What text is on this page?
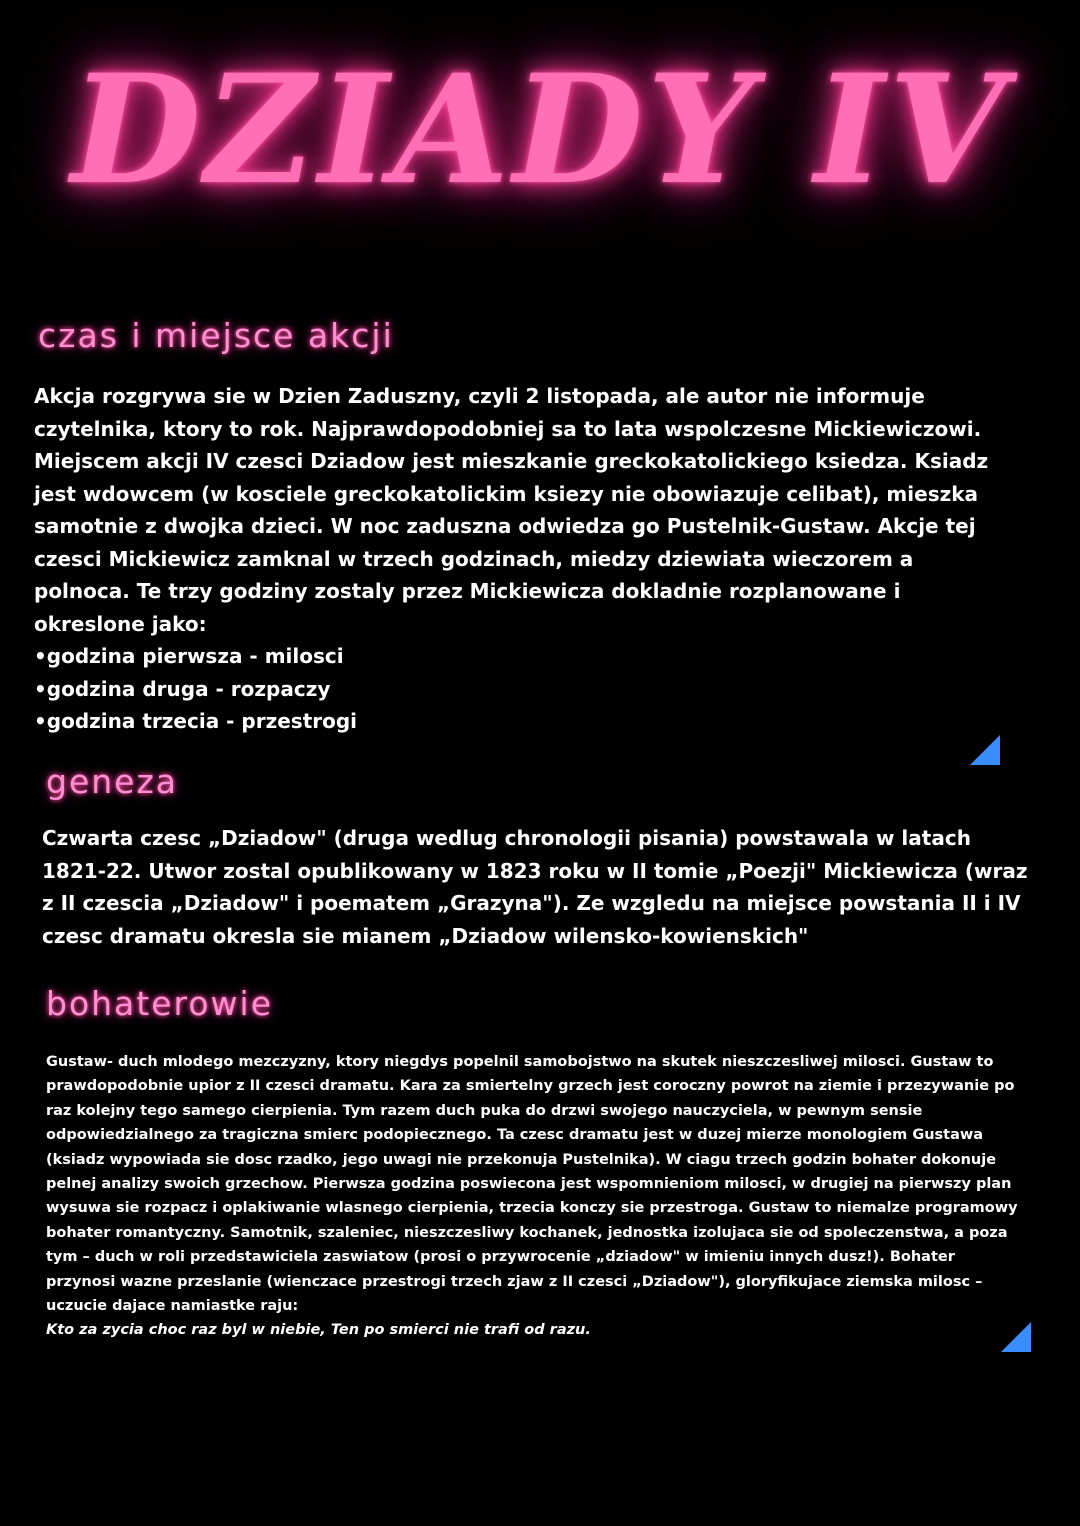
DZIADY IV
czas i miejsce akcji

Akcja rozgrywa sie w Dzien Zaduszny, czyli 2 listopada, ale autor nie informuje czytelnika, ktory to rok. Najprawdopodobniej sa to lata wspolczesne Mickiewiczowi. Miejscem akcji IV czesci Dziadow jest mieszkanie greckokatolickiego ksiedza. Ksiadz jest wdowcem (w kosciele greckokatolickim ksiezy nie obowiazuje celibat), mieszka samotnie z dwojka dzieci. W noc zaduszna odwiedza go Pustelnik-Gustaw. Akcje tej czesci Mickiewicz zamknal w trzech godzinach, miedzy dziewiata wieczorem a polnoca. Te trzy godziny zostaly przez Mickiewicza dokladnie rozplanowane i okreslone jako:

•godzina pierwsza - milosci
•godzina druga - rozpaczy
•godzina trzecia - przestrogi
geneza

Czwarta czesc „Dziadow" (druga wedlug chronologii pisania) powstawala w latach 1821-22. Utwor zostal opublikowany w 1823 roku w II tomie „Poezji" Mickiewicza (wraz z II czescia „Dziadow" i poematem „Grazyna"). Ze wzgledu na miejsce powstania II i IV czesc dramatu okresla sie mianem „Dziadow wilensko-kowienskich"

bohaterowie

Gustaw- duch mlodego mezczyzny, ktory niegdys popelnil samobojstwo na skutek nieszczesliwej milosci. Gustaw to prawdopodobnie upior z II czesci dramatu. Kara za smiertelny grzech jest coroczny powrot na ziemie i przezywanie po raz kolejny tego samego cierpienia. Tym razem duch puka do drzwi swojego nauczyciela, w pewnym sensie odpowiedzialnego za tragiczna smierc podopiecznego. Ta czesc dramatu jest w duzej mierze monologiem Gustawa (ksiadz wypowiada sie dosc rzadko, jego uwagi nie przekonuja Pustelnika). W ciagu trzech godzin bohater dokonuje pelnej analizy swoich grzechow. Pierwsza godzina poswiecona jest wspomnieniom milosci, w drugiej na pierwszy plan wysuwa sie rozpacz i oplakiwanie wlasnego cierpienia, trzecia konczy sie przestroga. Gustaw to niemalze programowy bohater romantyczny. Samotnik, szaleniec, nieszczesliwy kochanek, jednostka izolujaca sie od spoleczenstwa, a poza tym – duch w roli przedstawiciela zaswiatow (prosi o przywrocenie „dziadow" w imieniu innych dusz!). Bohater przynosi wazne przeslanie (wienczace przestrogi trzech zjaw z II czesci „Dziadow"), gloryfikujace ziemska milosc – uczucie dajace namiastke raju:

Kto za zycia choc raz byl w niebie, Ten po smierci nie trafi od razu.
